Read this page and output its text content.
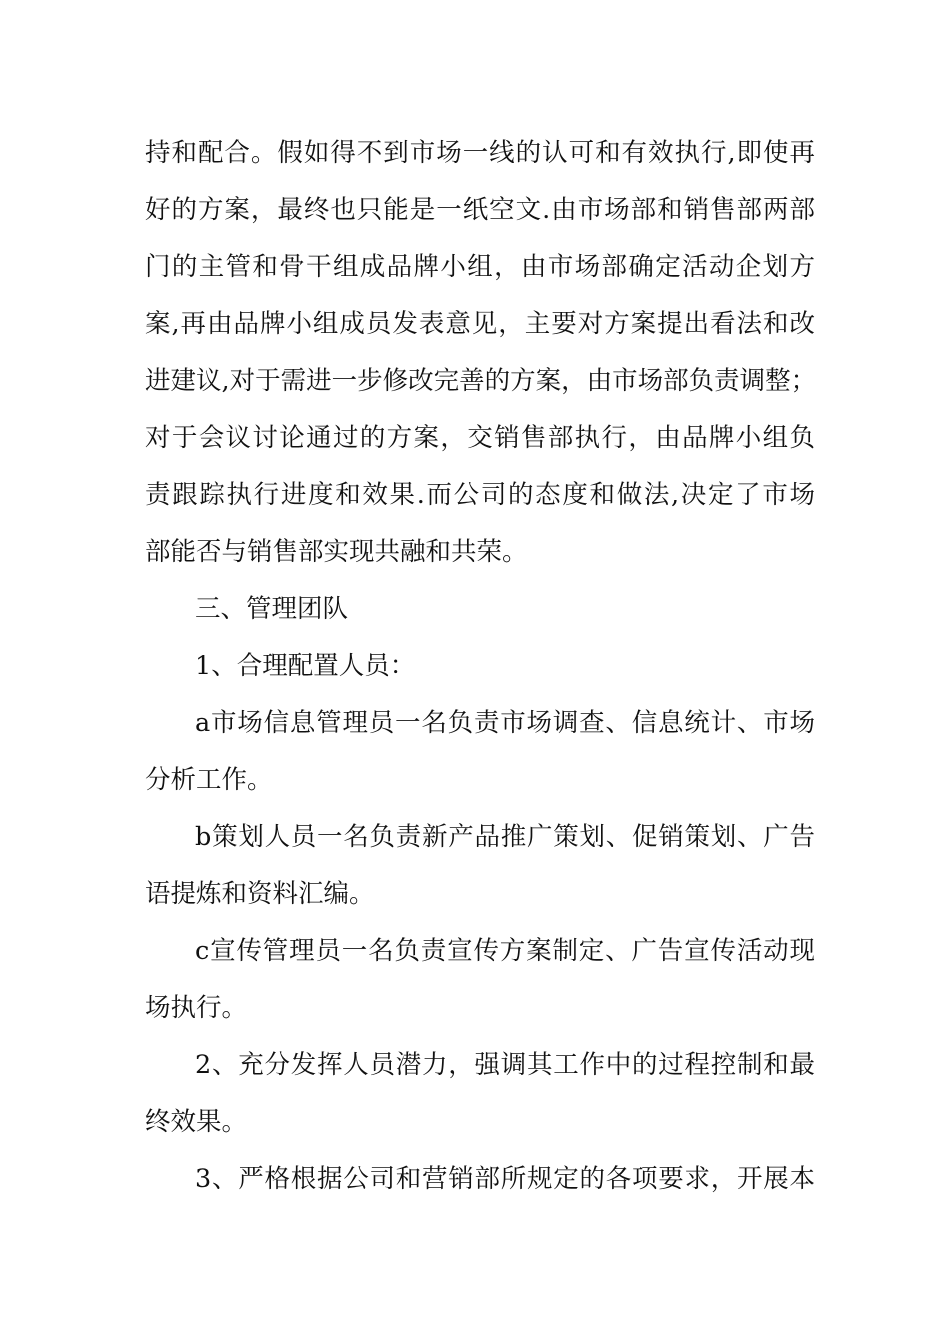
持和配合。假如得不到市场一线的认可和有效执行,即使再
好的方案，最终也只能是一纸空文.由市场部和销售部两部
门的主管和骨干组成品牌小组，由市场部确定活动企划方
案,再由品牌小组成员发表意见，主要对方案提出看法和改
进建议,对于需进一步修改完善的方案，由市场部负责调整；
对于会议讨论通过的方案，交销售部执行，由品牌小组负
责跟踪执行进度和效果.而公司的态度和做法,决定了市场
部能否与销售部实现共融和共荣。
三、管理团队
1、合理配置人员：
a市场信息管理员一名负责市场调查、信息统计、市场
分析工作。
b策划人员一名负责新产品推广策划、促销策划、广告
语提炼和资料汇编。
c宣传管理员一名负责宣传方案制定、广告宣传活动现
场执行。
2、充分发挥人员潜力，强调其工作中的过程控制和最
终效果。
3、严格根据公司和营销部所规定的各项要求，开展本
